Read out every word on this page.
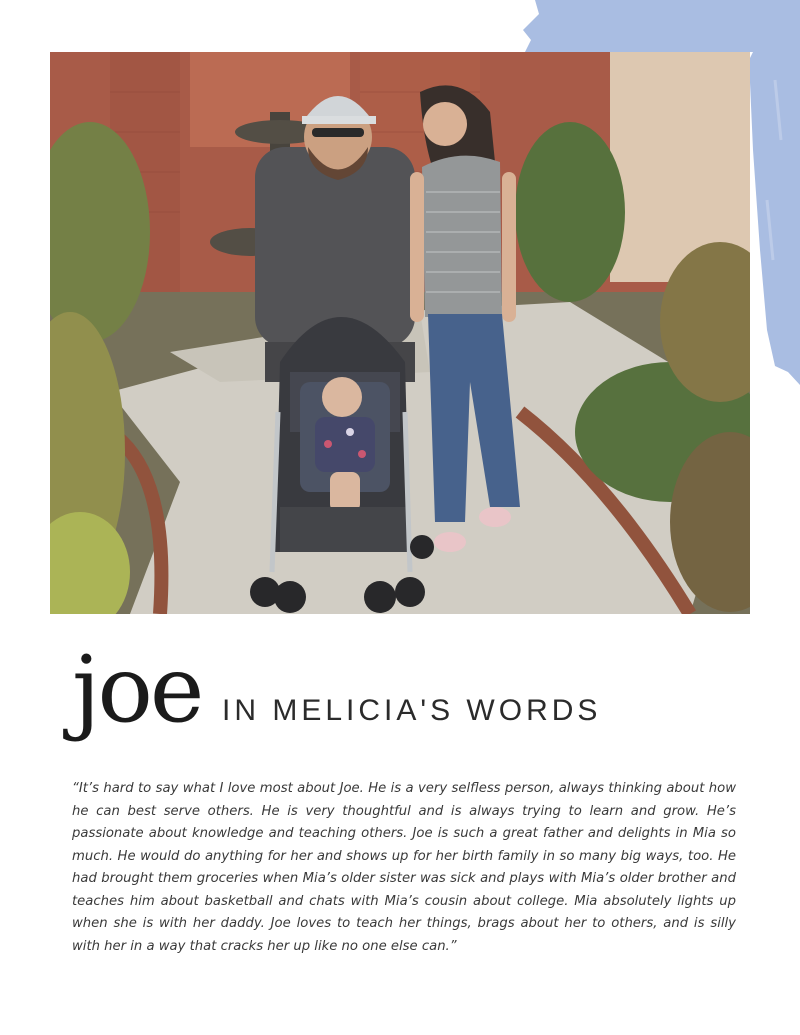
joe IN MELICIA'S WORDS

“It’s hard to say what I love most about Joe. He is a very selfless person, always thinking about how he can best serve others. He is very thoughtful and is always trying to learn and grow. He’s passionate about knowledge and teaching others. Joe is such a great father and delights in Mia so much. He would do anything for her and shows up for her birth family in so many big ways, too. He had brought them groceries when Mia’s older sister was sick and plays with Mia’s older brother and teaches him about basketball and chats with Mia’s cousin about college. Mia absolutely lights up when she is with her daddy. Joe loves to teach her things, brags about her to others, and is silly with her in a way that cracks her up like no one else can.”
